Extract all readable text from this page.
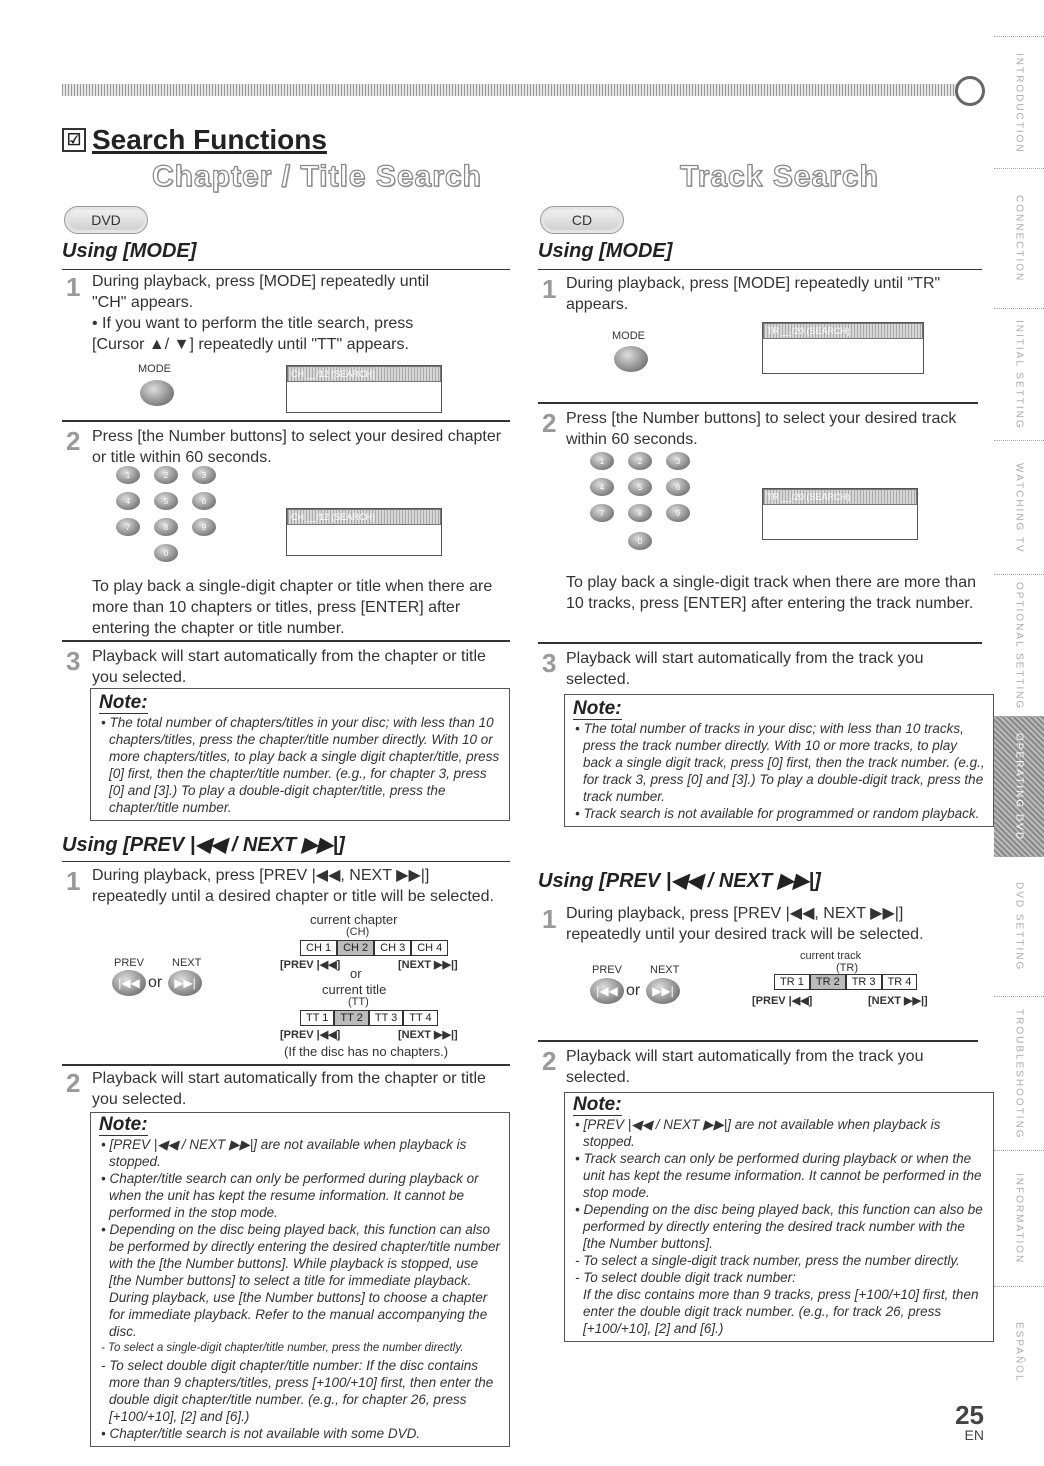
☑ Search Functions
Chapter / Title Search
DVD
Using [MODE]
1 During playback, press [MODE] repeatedly until "CH" appears.
• If you want to perform the title search, press [Cursor ▲/ ▼] repeatedly until "TT" appears.
MODE	CH __/12 (SEARCH)
2 Press [the Number buttons] to select your desired chapter or title within 60 seconds.
1	2	3
4	5	6
7	8	9
0
CH __/12 (SEARCH)
To play back a single-digit chapter or title when there are more than 10 chapters or titles, press [ENTER] after entering the chapter or title number.
3 Playback will start automatically from the chapter or title you selected.
Note:
• The total number of chapters/titles in your disc; with less than 10 chapters/titles, press the chapter/title number directly. With 10 or more chapters/titles, to play back a single digit chapter/title, press [0] first, then the chapter/title number. (e.g., for chapter 3, press [0] and [3].) To play a double-digit chapter/title, press the chapter/title number.
Using [PREV |◀◀ / NEXT ▶▶|]
1 During playback, press [PREV |◀◀, NEXT ▶▶|] repeatedly until a desired chapter or title will be selected.
PREV	NEXT
|◀◀ or ▶▶|
current chapter
(CH)
CH 1	CH 2	CH 3	CH 4
[PREV |◀◀]	[NEXT ▶▶|]
or
current title
(TT)
TT 1	TT 2	TT 3	TT 4
[PREV |◀◀]	[NEXT ▶▶|]
(If the disc has no chapters.)
2 Playback will start automatically from the chapter or title you selected.
Note:
• [PREV |◀◀ / NEXT ▶▶|] are not available when playback is stopped.
• Chapter/title search can only be performed during playback or when the unit has kept the resume information. It cannot be performed in the stop mode.
• Depending on the disc being played back, this function can also be performed by directly entering the desired chapter/title number with the [the Number buttons]. While playback is stopped, use [the Number buttons] to select a title for immediate playback. During playback, use [the Number buttons] to choose a chapter for immediate playback. Refer to the manual accompanying the disc.
- To select a single-digit chapter/title number, press the number directly.
- To select double digit chapter/title number: If the disc contains more than 9 chapters/titles, press [+100/+10] first, then enter the double digit chapter/title number. (e.g., for chapter 26, press [+100/+10], [2] and [6].)
• Chapter/title search is not available with some DVD.
Track Search
CD
Using [MODE]
1 During playback, press [MODE] repeatedly until "TR" appears.
MODE	TR __/20 (SEARCH)
2 Press [the Number buttons] to select your desired track within 60 seconds.
1	2	3
4	5	6
7	8	9
0
TR __/20 (SEARCH)
To play back a single-digit track when there are more than 10 tracks, press [ENTER] after entering the track number.
3 Playback will start automatically from the track you selected.
Note:
• The total number of tracks in your disc; with less than 10 tracks, press the track number directly. With 10 or more tracks, to play back a single digit track, press [0] first, then the track number. (e.g., for track 3, press [0] and [3].) To play a double-digit track, press the track number.
• Track search is not available for programmed or random playback.
Using [PREV |◀◀ / NEXT ▶▶|]
1 During playback, press [PREV |◀◀, NEXT ▶▶|] repeatedly until your desired track will be selected.
PREV	NEXT
|◀◀ or ▶▶|
current track
(TR)
TR 1	TR 2	TR 3	TR 4
[PREV |◀◀]	[NEXT ▶▶|]
2 Playback will start automatically from the track you selected.
Note:
• [PREV |◀◀ / NEXT ▶▶|] are not available when playback is stopped.
• Track search can only be performed during playback or when the unit has kept the resume information. It cannot be performed in the stop mode.
• Depending on the disc being played back, this function can also be performed by directly entering the desired track number with the [the Number buttons].
- To select a single-digit track number, press the number directly.
- To select double digit track number:
If the disc contains more than 9 tracks, press [+100/+10] first, then enter the double digit track number. (e.g., for track 26, press [+100/+10], [2] and [6].)
INTRODUCTION
CONNECTION
INITIAL SETTING
WATCHING TV
OPTIONAL SETTING
OPERATING DVD
DVD SETTING
TROUBLESHOOTING
INFORMATION
ESPAÑOL
25
EN
